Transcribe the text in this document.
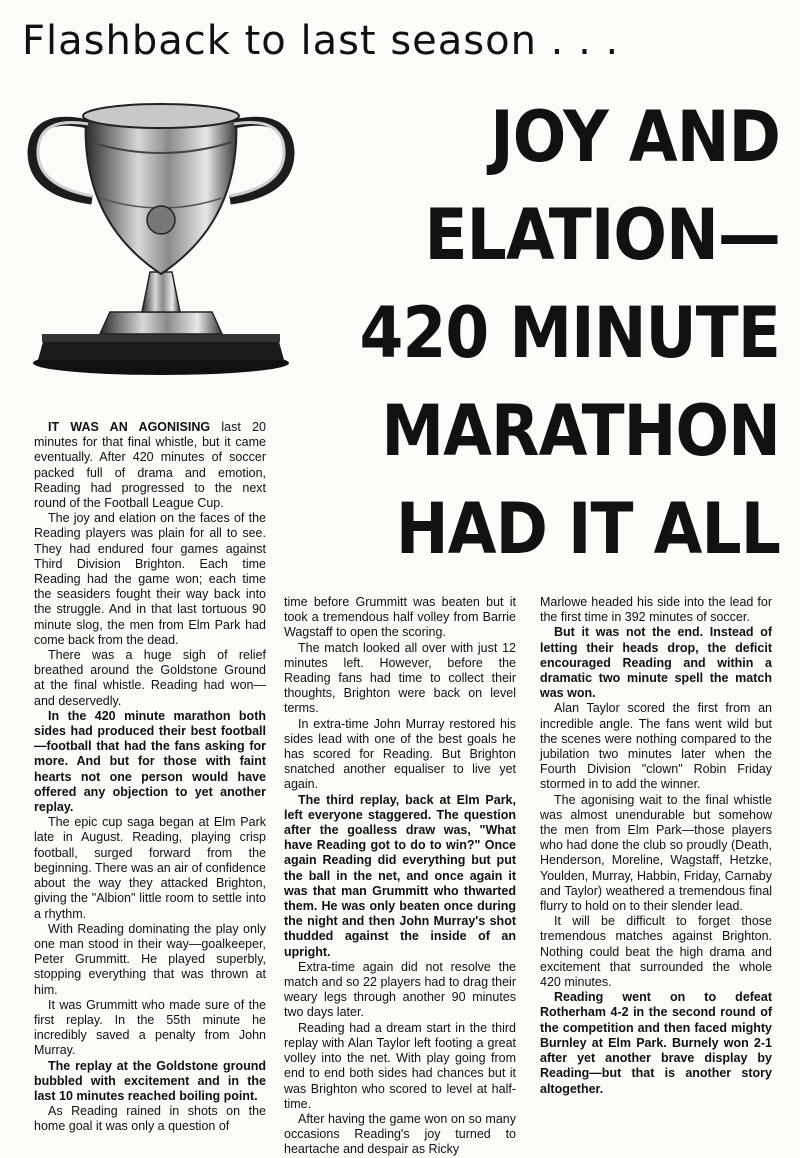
Flashback to last season . . .
JOY AND
ELATION—
420 MINUTE
MARATHON
HAD IT ALL

IT WAS AN AGONISING last 20 minutes for that final whistle, but it came eventually. After 420 minutes of soccer packed full of drama and emotion, Reading had progressed to the next round of the Football League Cup.

The joy and elation on the faces of the Reading players was plain for all to see. They had endured four games against Third Division Brighton. Each time Reading had the game won; each time the seasiders fought their way back into the struggle. And in that last tortuous 90 minute slog, the men from Elm Park had come back from the dead.

There was a huge sigh of relief breathed around the Goldstone Ground at the final whistle. Reading had won—and deservedly.

In the 420 minute marathon both sides had produced their best football—football that had the fans asking for more. And but for those with faint hearts not one person would have offered any objection to yet another replay.

The epic cup saga began at Elm Park late in August. Reading, playing crisp football, surged forward from the beginning. There was an air of confidence about the way they attacked Brighton, giving the "Albion" little room to settle into a rhythm.

With Reading dominating the play only one man stood in their way—goalkeeper, Peter Grummitt. He played superbly, stopping everything that was thrown at him.

It was Grummitt who made sure of the first replay. In the 55th minute he incredibly saved a penalty from John Murray.

The replay at the Goldstone ground bubbled with excitement and in the last 10 minutes reached boiling point.

As Reading rained in shots on the home goal it was only a question of

time before Grummitt was beaten but it took a tremendous half volley from Barrie Wagstaff to open the scoring.

The match looked all over with just 12 minutes left. However, before the Reading fans had time to collect their thoughts, Brighton were back on level terms.

In extra-time John Murray restored his sides lead with one of the best goals he has scored for Reading. But Brighton snatched another equaliser to live yet again.

The third replay, back at Elm Park, left everyone staggered. The question after the goalless draw was, "What have Reading got to do to win?" Once again Reading did everything but put the ball in the net, and once again it was that man Grummitt who thwarted them. He was only beaten once during the night and then John Murray's shot thudded against the inside of an upright.

Extra-time again did not resolve the match and so 22 players had to drag their weary legs through another 90 minutes two days later.

Reading had a dream start in the third replay with Alan Taylor left footing a great volley into the net. With play going from end to end both sides had chances but it was Brighton who scored to level at half-time.

After having the game won on so many occasions Reading's joy turned to heartache and despair as Ricky

Marlowe headed his side into the lead for the first time in 392 minutes of soccer.

But it was not the end. Instead of letting their heads drop, the deficit encouraged Reading and within a dramatic two minute spell the match was won.

Alan Taylor scored the first from an incredible angle. The fans went wild but the scenes were nothing compared to the jubilation two minutes later when the Fourth Division "clown" Robin Friday stormed in to add the winner.

The agonising wait to the final whistle was almost unendurable but somehow the men from Elm Park—those players who had done the club so proudly (Death, Henderson, Moreline, Wagstaff, Hetzke, Youlden, Murray, Habbin, Friday, Carnaby and Taylor) weathered a tremendous final flurry to hold on to their slender lead.

It will be difficult to forget those tremendous matches against Brighton. Nothing could beat the high drama and excitement that surrounded the whole 420 minutes.

Reading went on to defeat Rotherham 4-2 in the second round of the competition and then faced mighty Burnley at Elm Park. Burnely won 2-1 after yet another brave display by Reading—but that is another story altogether.
